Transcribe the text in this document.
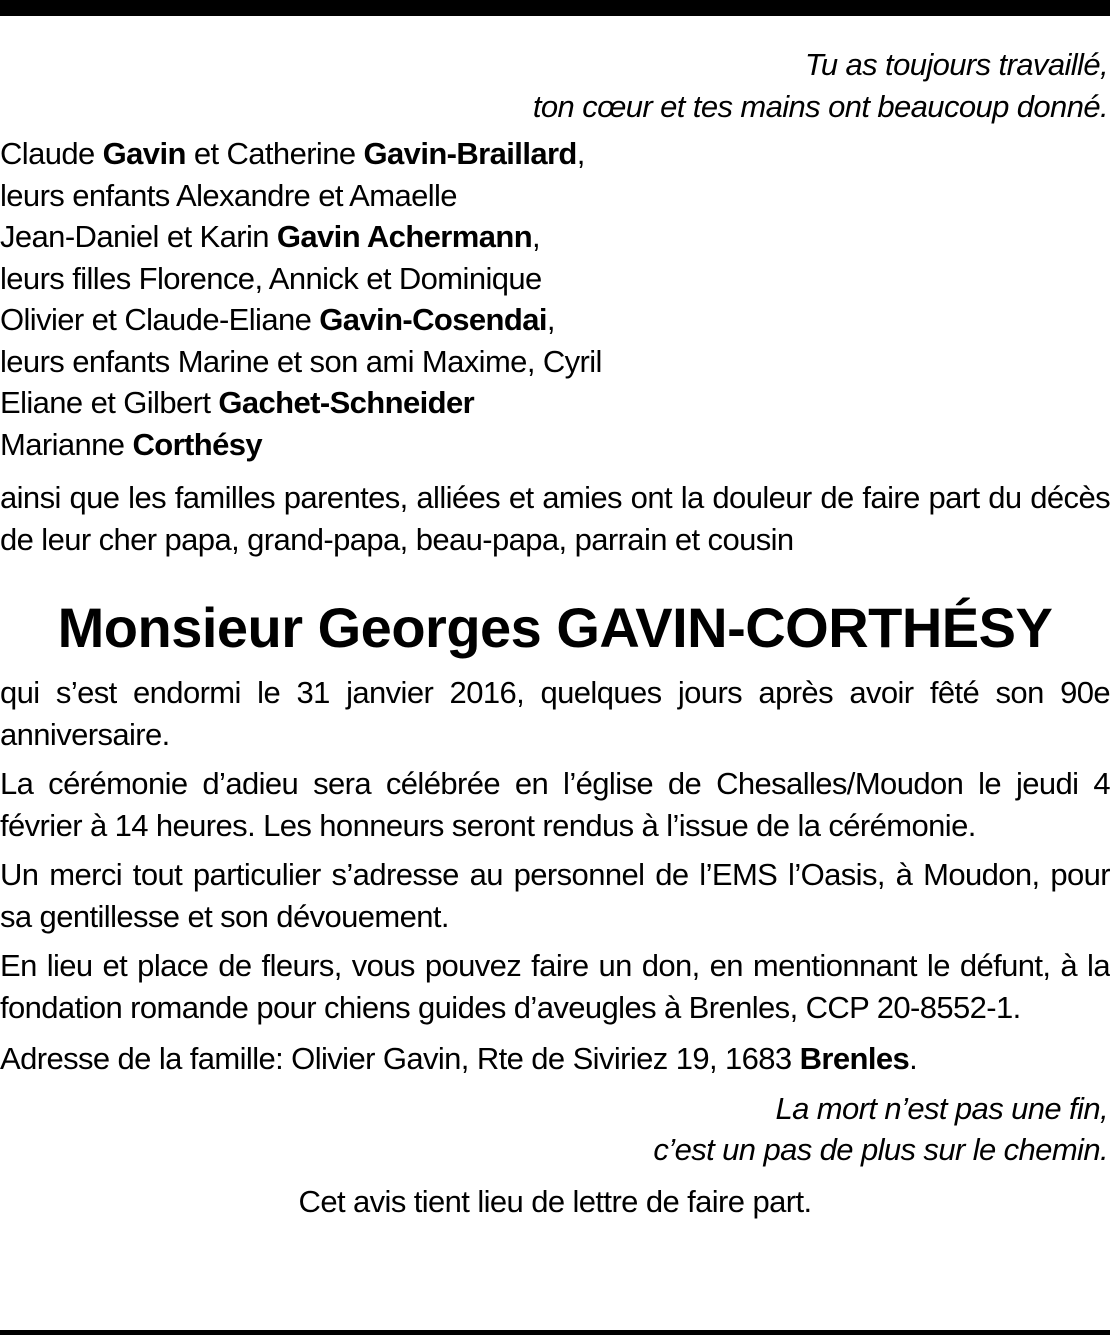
Tu as toujours travaillé,
ton cœur et tes mains ont beaucoup donné.
Claude Gavin et Catherine Gavin-Braillard,
leurs enfants Alexandre et Amaelle
Jean-Daniel et Karin Gavin Achermann,
leurs filles Florence, Annick et Dominique
Olivier et Claude-Eliane Gavin-Cosendai,
leurs enfants Marine et son ami Maxime, Cyril
Eliane et Gilbert Gachet-Schneider
Marianne Corthésy
ainsi que les familles parentes, alliées et amies ont la douleur de faire part du décès de leur cher papa, grand-papa, beau-papa, parrain et cousin
Monsieur Georges GAVIN-CORTHÉSY
qui s’est endormi le 31 janvier 2016, quelques jours après avoir fêté son 90e anniversaire.
La cérémonie d’adieu sera célébrée en l’église de Chesalles/Moudon le jeudi 4 février à 14 heures. Les honneurs seront rendus à l’issue de la cérémonie.
Un merci tout particulier s’adresse au personnel de l’EMS l’Oasis, à Moudon, pour sa gentillesse et son dévouement.
En lieu et place de fleurs, vous pouvez faire un don, en mentionnant le défunt, à la fondation romande pour chiens guides d’aveugles à Brenles, CCP 20-8552-1.
Adresse de la famille: Olivier Gavin, Rte de Siviriez 19, 1683 Brenles.
La mort n’est pas une fin,
c’est un pas de plus sur le chemin.
Cet avis tient lieu de lettre de faire part.
